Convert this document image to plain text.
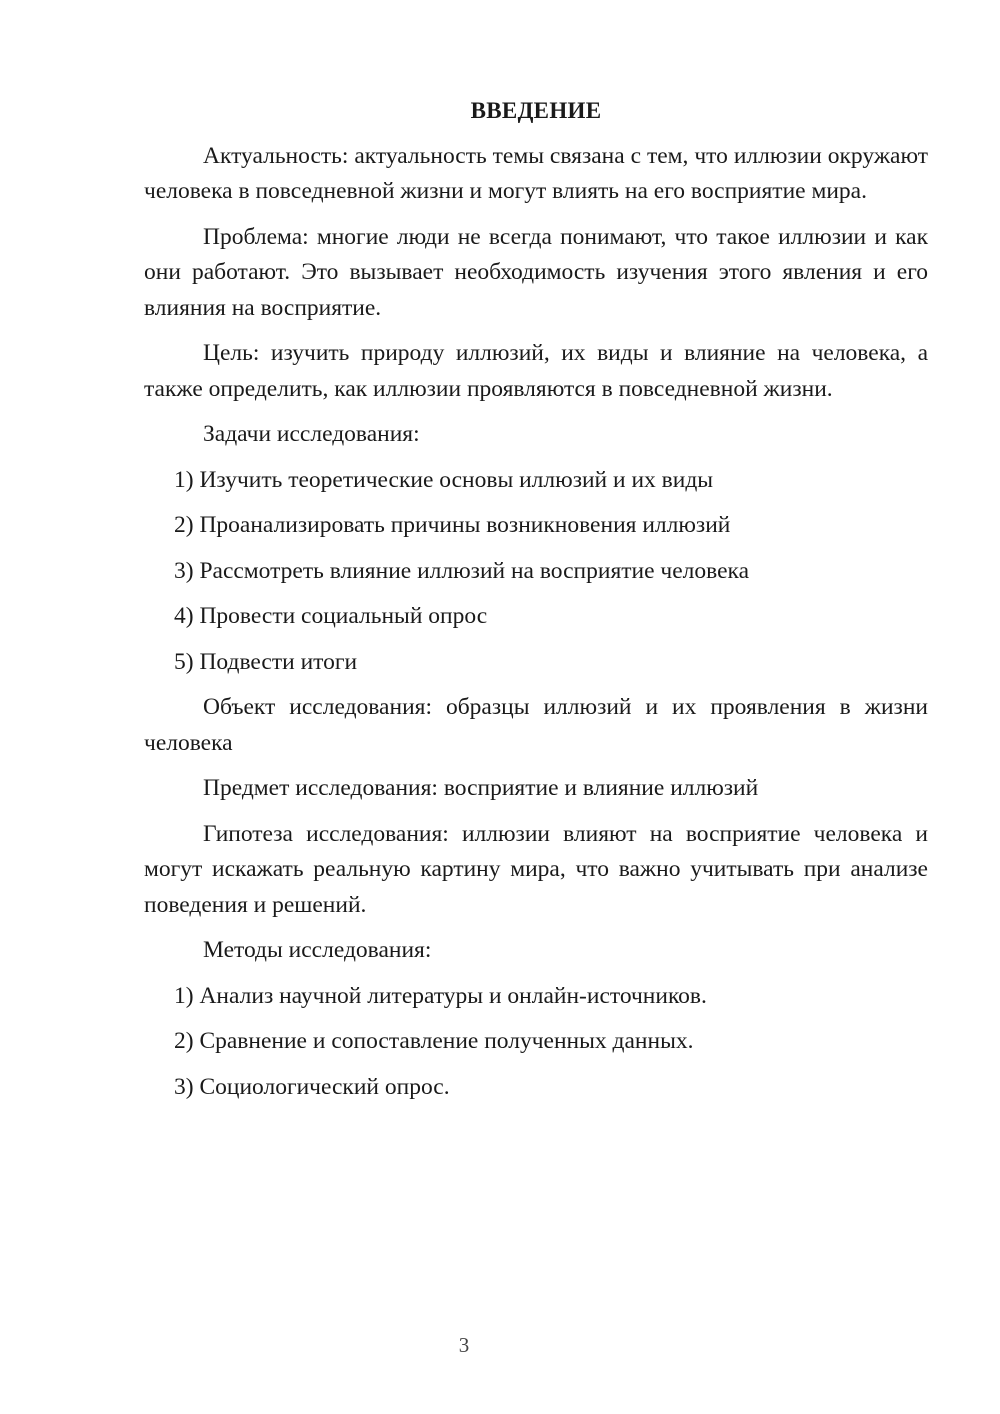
ВВЕДЕНИЕ

Актуальность: актуальность темы связана с тем, что иллюзии окружают человека в повседневной жизни и могут влиять на его восприятие мира.

Проблема: многие люди не всегда понимают, что такое иллюзии и как они работают. Это вызывает необходимость изучения этого явления и его влияния на восприятие.

Цель: изучить природу иллюзий, их виды и влияние на человека, а также определить, как иллюзии проявляются в повседневной жизни.

Задачи исследования:

1) Изучить теоретические основы иллюзий и их виды

2) Проанализировать причины возникновения иллюзий

3) Рассмотреть влияние иллюзий на восприятие человека

4) Провести социальный опрос

5) Подвести итоги

Объект исследования: образцы иллюзий и их проявления в жизни человека

Предмет исследования: восприятие и влияние иллюзий

Гипотеза исследования: иллюзии влияют на восприятие человека и могут искажать реальную картину мира, что важно учитывать при анализе поведения и решений.

Методы исследования:

1) Анализ научной литературы и онлайн-источников.

2) Сравнение и сопоставление полученных данных.

3) Социологический опрос.

3
